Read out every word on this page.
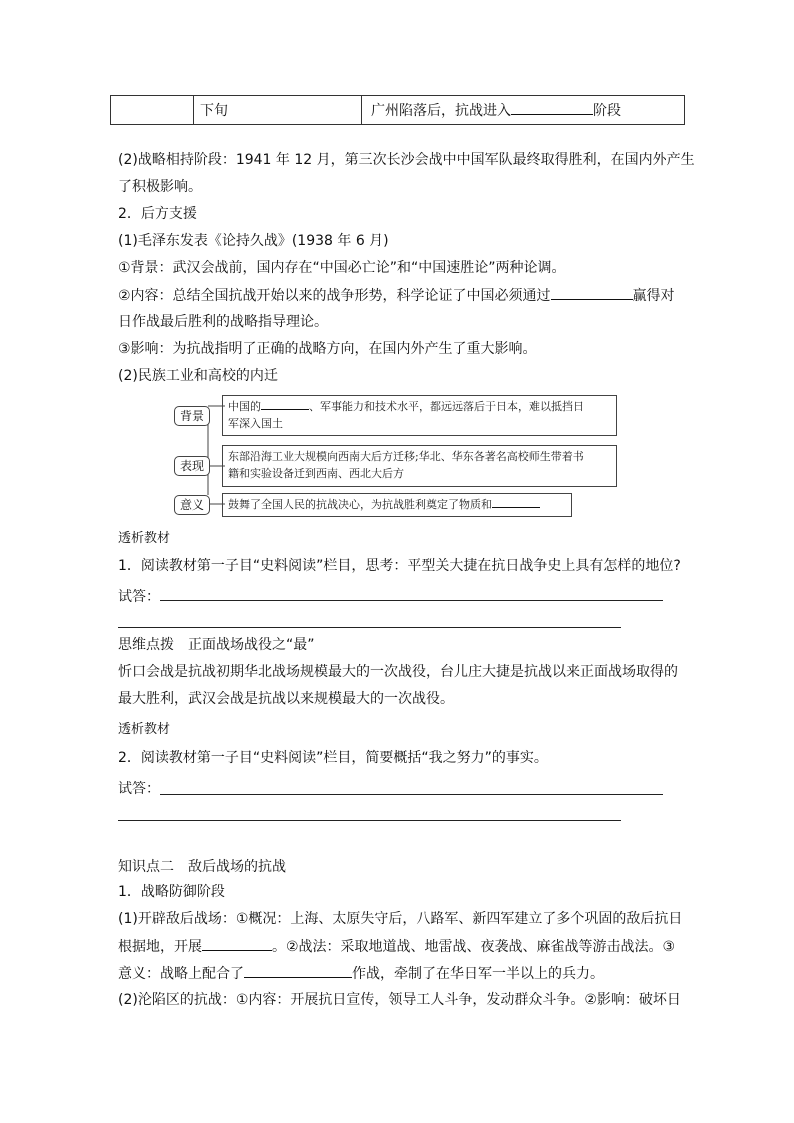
下旬	广州陷落后，抗战进入	阶段
(2)战略相持阶段：1941 年 12 月，第三次长沙会战中中国军队最终取得胜利，在国内外产生
了积极影响。
2．后方支援
(1)毛泽东发表《论持久战》(1938 年 6 月)
①背景：武汉会战前，国内存在“中国必亡论”和“中国速胜论”两种论调。
②内容：总结全国抗战开始以来的战争形势，科学论证了中国必须通过	赢得对
日作战最后胜利的战略指导理论。
③影响：为抗战指明了正确的战略方向，在国内外产生了重大影响。
(2)民族工业和高校的内迁
背景
表现
意义
中国的	、军事能力和技术水平，都远远落后于日本，难以抵挡日
军深入国土
东部沿海工业大规模向西南大后方迁移;华北、华东各著名高校师生带着书
籍和实验设备迁到西南、西北大后方
鼓舞了全国人民的抗战决心，为抗战胜利奠定了物质和
透析教材
1．阅读教材第一子目“史料阅读”栏目，思考：平型关大捷在抗日战争史上具有怎样的地位?
试答：
思维点拨　正面战场战役之“最”
忻口会战是抗战初期华北战场规模最大的一次战役，台儿庄大捷是抗战以来正面战场取得的
最大胜利，武汉会战是抗战以来规模最大的一次战役。
透析教材
2．阅读教材第一子目“史料阅读”栏目，简要概括“我之努力”的事实。
试答：
知识点二　敌后战场的抗战
1．战略防御阶段
(1)开辟敌后战场：①概况：上海、太原失守后，八路军、新四军建立了多个巩固的敌后抗日
根据地，开展	。②战法：采取地道战、地雷战、夜袭战、麻雀战等游击战法。③
意义：战略上配合了	作战，牵制了在华日军一半以上的兵力。
(2)沦陷区的抗战：①内容：开展抗日宣传，领导工人斗争，发动群众斗争。②影响：破坏日
